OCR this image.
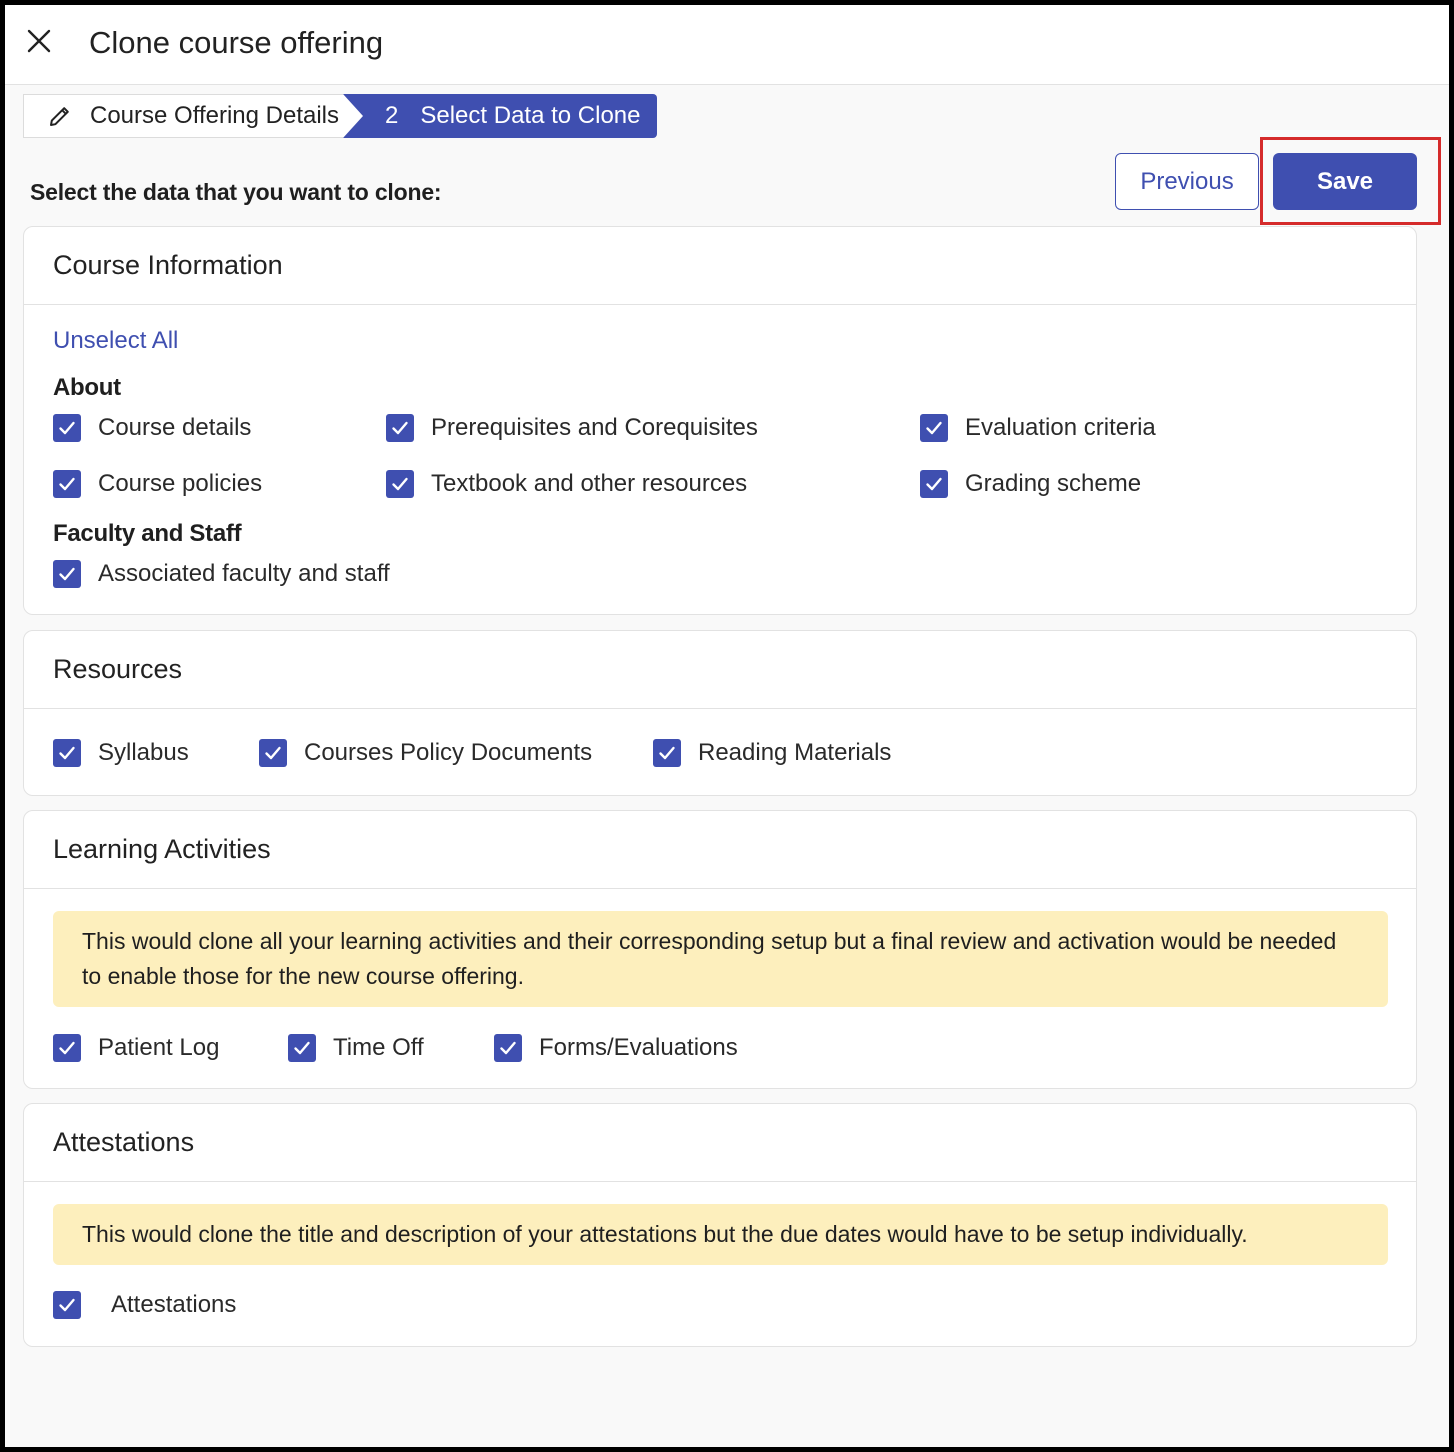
Clone course offering
Course Offering Details 2 Select Data to Clone
Select the data that you want to clone:	Previous	Save
Course Information
Unselect All
About
Course details	Prerequisites and Corequisites	Evaluation criteria
Course policies	Textbook and other resources	Grading scheme
Faculty and Staff
Associated faculty and staff
Resources
Syllabus	Courses Policy Documents	Reading Materials
Learning Activities
This would clone all your learning activities and their corresponding setup but a final review and activation would be needed to enable those for the new course offering.
Patient Log	Time Off	Forms/Evaluations
Attestations
This would clone the title and description of your attestations but the due dates would have to be setup individually.
Attestations
